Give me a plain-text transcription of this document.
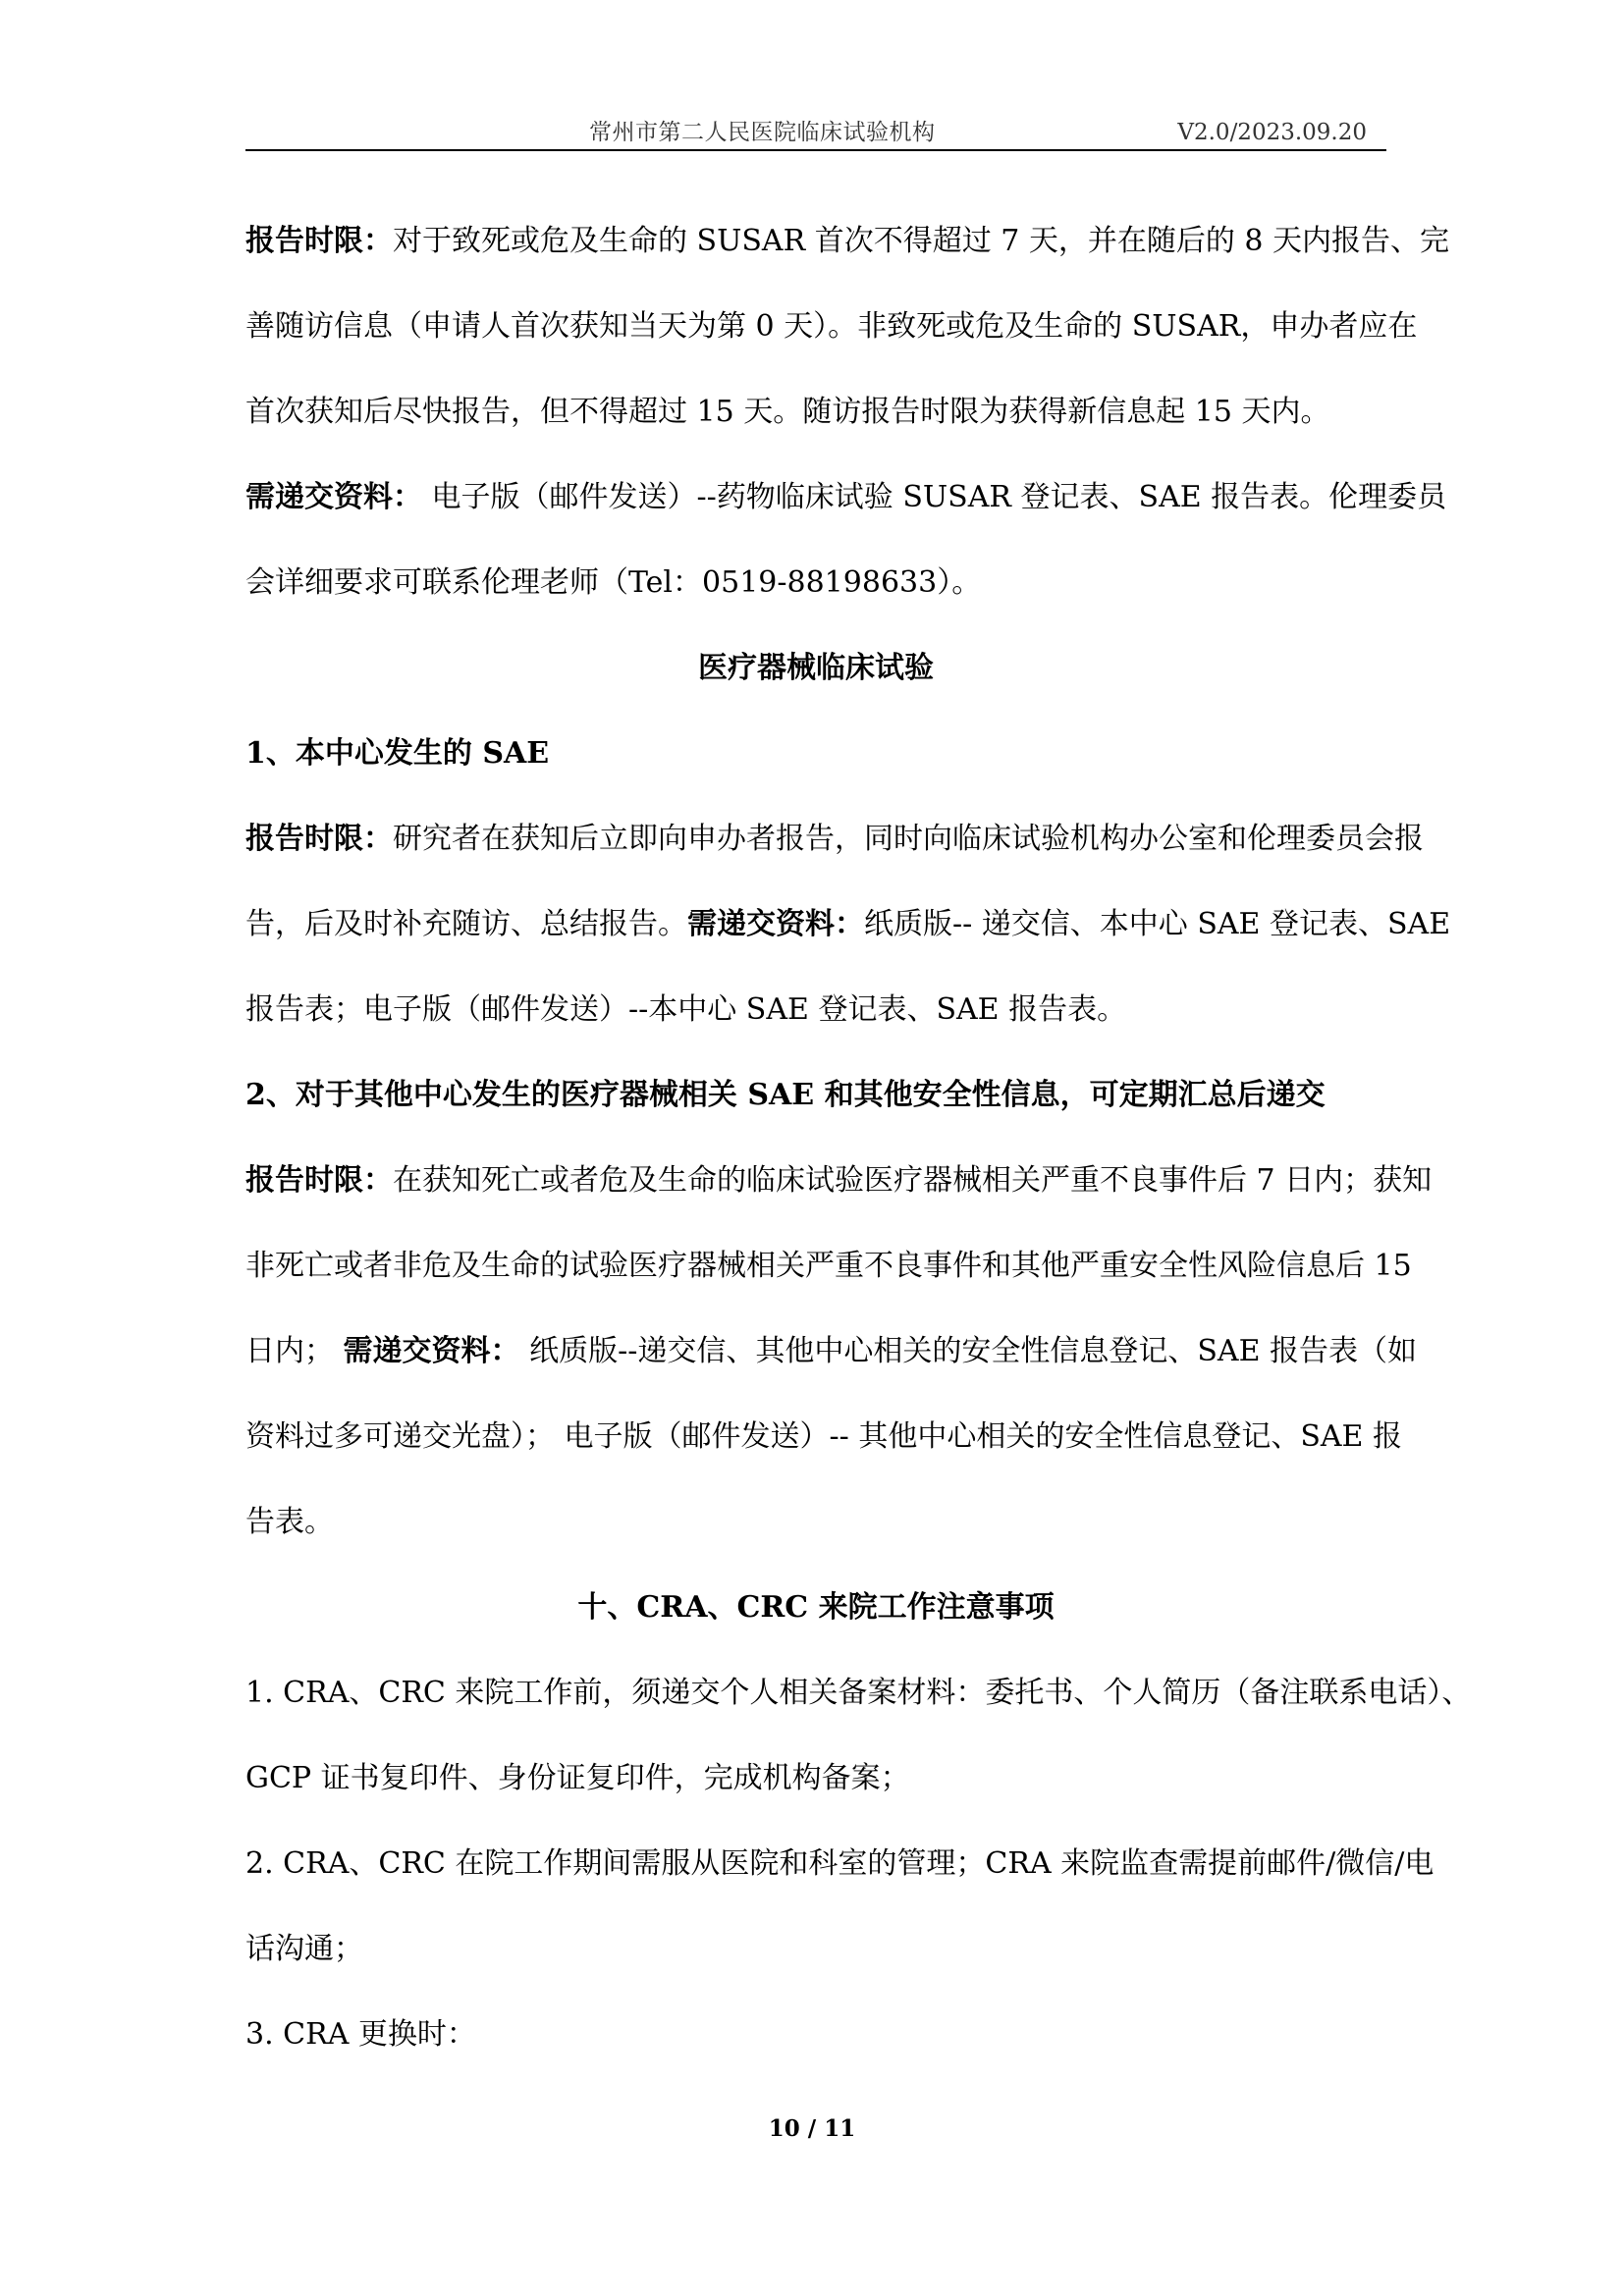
常州市第二人民医院临床试验机构	V2.0/2023.09.20
报告时限：对于致死或危及生命的 SUSAR 首次不得超过 7 天，并在随后的 8 天内报告、完
善随访信息（申请人首次获知当天为第 0 天）。非致死或危及生命的 SUSAR，申办者应在
首次获知后尽快报告，但不得超过 15 天。随访报告时限为获得新信息起 15 天内。
需递交资料： 电子版（邮件发送）--药物临床试验 SUSAR 登记表、SAE 报告表。伦理委员
会详细要求可联系伦理老师（Tel：0519-88198633）。
医疗器械临床试验
1、本中心发生的 SAE
报告时限：研究者在获知后立即向申办者报告，同时向临床试验机构办公室和伦理委员会报
告，后及时补充随访、总结报告。需递交资料：纸质版-- 递交信、本中心 SAE 登记表、SAE
报告表；电子版（邮件发送）--本中心 SAE 登记表、SAE 报告表。
2、对于其他中心发生的医疗器械相关 SAE 和其他安全性信息，可定期汇总后递交
报告时限：在获知死亡或者危及生命的临床试验医疗器械相关严重不良事件后 7 日内；获知
非死亡或者非危及生命的试验医疗器械相关严重不良事件和其他严重安全性风险信息后 15
日内； 需递交资料： 纸质版--递交信、其他中心相关的安全性信息登记、SAE 报告表（如
资料过多可递交光盘）； 电子版（邮件发送）-- 其他中心相关的安全性信息登记、SAE 报
告表。
十、CRA、CRC 来院工作注意事项
1. CRA、CRC 来院工作前，须递交个人相关备案材料：委托书、个人简历（备注联系电话）、
GCP 证书复印件、身份证复印件，完成机构备案；
2. CRA、CRC 在院工作期间需服从医院和科室的管理；CRA 来院监查需提前邮件/微信/电
话沟通；
3. CRA 更换时：
10 / 11
